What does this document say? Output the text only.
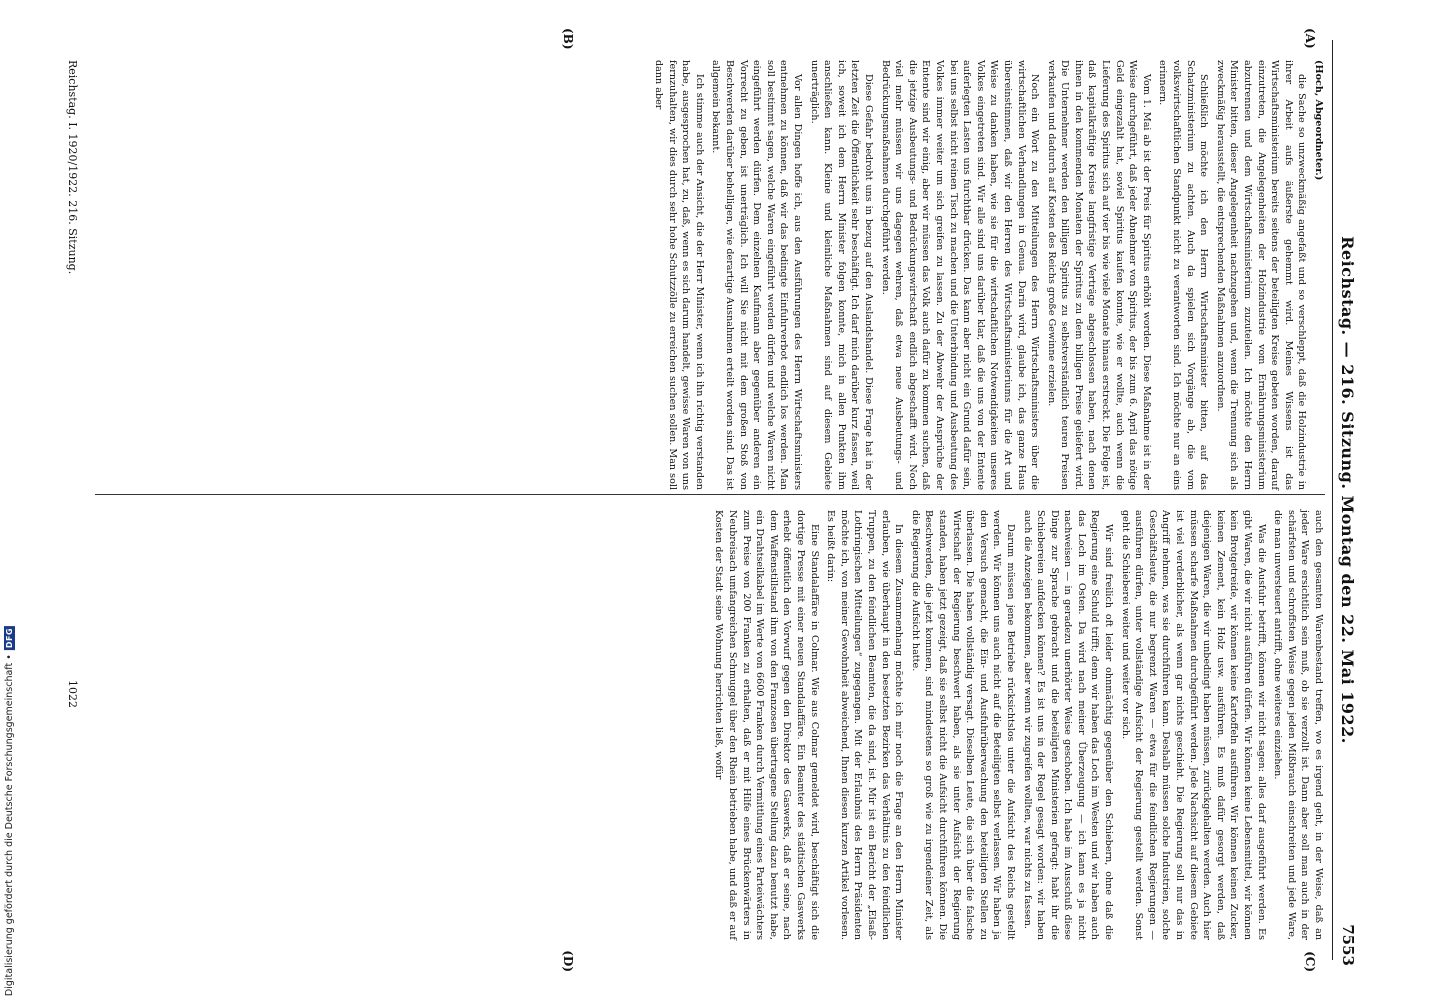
7553
Reichstag. — 216. Sitzung. Montag den 22. Mai 1922.
(A)
(B)
(C)
(D)

(Hoch, Abgeordneter.)

die Sache so unzweckmäßig angefaßt und so verschleppt, daß die Holzindustrie in ihrer Arbeit aufs äußerste gehemmt wird. Meines Wissens ist das Wirtschaftsministerium bereits seitens der beteiligten Kreise gebeten worden, darauf einzutreten, die Angelegenheiten der Holzindustrie vom Ernährungsministerium abzutrennen und dem Wirtschaftsministerium zuzuteilen. Ich möchte den Herrn Minister bitten, dieser Angelegenheit nachzugehen und, wenn die Trennung sich als zweckmäßig herausstellt, die entsprechenden Maßnahmen anzuordnen.

Schließlich möchte ich den Herrn Wirtschaftsminister bitten, auf das Schatzministerium zu achten. Auch da spielen sich Vorgänge ab, die vom volkswirtschaftlichen Standpunkt nicht zu verantworten sind. Ich möchte nur an eins erinnern.

Vom 1. Mai ab ist der Preis für Spiritus erhöht worden. Diese Maßnahme ist in der Weise durchgeführt, daß jeder Abnehmer von Spiritus, der bis zum 6. April das nötige Geld eingezahlt hat, soviel Spiritus kaufen konnte, wie er wollte, auch wenn die Lieferung des Spiritus sich auf vier bis wie viele Monate hinaus erstreckt. Die Folge ist, daß kapitalkräftige Kreise langfristige Verträge abgeschlossen haben, nach denen ihnen in den kommenden Monaten der Spiritus zu dem billigen Preise geliefert wird. Die Unternehmer werden den billigen Spiritus zu selbstverständlich teuren Preisen verkaufen und dadurch auf Kosten des Reichs große Gewinne erzielen.

Noch ein Wort zu den Mitteilungen des Herrn Wirtschaftsministers über die wirtschaftlichen Verhandlungen in Genua. Darin wird, glaube ich, das ganze Haus übereinstimmen, daß wir den Herren des Wirtschaftsministeriums für die Art und Weise zu danken haben, wie sie für die wirtschaftlichen Notwendigkeiten unseres Volkes eingetreten sind. Wir alle sind uns darüber klar, daß die uns von der Entente auferlegten Lasten uns furchtbar drücken. Das kann aber nicht ein Grund dafür sein, bei uns selbst nicht reinen Tisch zu machen und die Unterbindung und Ausbeutung des Volkes immer weiter um sich greifen zu lassen. Zu der Abwehr der Ansprüche der Entente sind wir einig, aber wir müssen das Volk auch dafür zu kommen suchen, daß die jetzige Ausbeutungs- und Bedrückungswirtschaft endlich abgeschafft wird. Noch viel mehr müssen wir uns dagegen wehren, daß etwa neue Ausbeutungs- und Bedrückungsmaßnahmen durchgeführt werden.

Diese Gefahr bedroht uns in bezug auf den Auslandshandel. Diese Frage hat in der letzten Zeit die Öffentlichkeit sehr beschäftigt. Ich darf mich darüber kurz fassen, weil ich, soweit ich dem Herrn Minister folgen konnte, mich in allen Punkten ihm anschließen kann. Kleine und kleinliche Maßnahmen sind auf diesem Gebiete unerträglich.

Vor allen Dingen hoffe ich, aus den Ausführungen des Herrn Wirtschaftsministers entnehmen zu können, daß wir das bedingte Einfuhrverbot endlich los werden. Man soll bestimmt sagen, welche Waren eingeführt werden dürfen und welche Waren nicht eingeführt werden dürfen. Dem einzelnen Kaufmann aber gegenüber anderen ein Vorrecht zu geben, ist unerträglich. Ich will Sie nicht mit dem großen Stoß von Beschwerden darüber behelligen, wie derartige Ausnahmen erteilt worden sind. Das ist allgemein bekannt.

Ich stimme auch der Ansicht, die der Herr Minister, wenn ich ihn richtig verstanden habe, ausgesprochen hat, zu, daß, wenn es sich darum handelt, gewisse Waren von uns fernzuhalten, wir dies durch sehr hohe Schutzzölle zu erreichen suchen sollen. Man soll dann aber

auch den gesamten Warenbestand treffen, wo es irgend geht, in der Weise, daß an jeder Ware ersichtlich sein muß, ob sie verzollt ist. Dann aber soll man auch in der schärfsten und schroffsten Weise gegen jeden Mißbrauch einschreiten und jede Ware, die man unversteuert antrifft, ohne weiteres einziehen.

Was die Ausfuhr betrifft, können wir nicht sagen: alles darf ausgeführt werden. Es gibt Waren, die wir nicht ausführen dürfen. Wir können keine Lebensmittel, wir können kein Brotgetreide, wir können keine Kartoffeln ausführen. Wir können keinen Zucker, keinen Zement, kein Holz usw. ausführen. Es muß dafür gesorgt werden, daß diejenigen Waren, die wir unbedingt haben müssen, zurückgehalten werden. Auch hier müssen scharfe Maßnahmen durchgeführt werden. Jede Nachsicht auf diesem Gebiete ist viel verderblicher, als wenn gar nichts geschieht. Die Regierung soll nur das in Angriff nehmen, was sie durchführen kann. Deshalb müssen solche Industrien, solche Geschäftsleute, die nur begrenzt Waren — etwa für die feindlichen Regierungen — ausführen dürfen, unter vollständige Aufsicht der Regierung gestellt werden. Sonst geht die Schieberei weiter und weiter vor sich.

Wir sind freilich oft leider ohnmächtig gegenüber den Schiebern, ohne daß die Regierung eine Schuld trifft; denn wir haben das Loch im Westen und wir haben auch das Loch im Osten. Da wird nach meiner Überzeugung — ich kann es ja nicht nachweisen — in geradezu unerhörter Weise geschoben. Ich habe im Ausschuß diese Dinge zur Sprache gebracht und die beteiligten Ministerien gefragt: habt ihr die Schiebereien aufdecken können? Es ist uns in der Regel gesagt worden: wir haben auch die Anzeigen bekommen, aber wenn wir zugreifen wollten, war nichts zu fassen.

Darum müssen jene Betriebe rücksichtslos unter die Aufsicht des Reichs gestellt werden. Wir können uns auch nicht auf die Beteiligten selbst verlassen. Wir haben ja den Versuch gemacht, die Ein- und Ausfuhrüberwachung den beteiligten Stellen zu überlassen. Die haben vollständig versagt. Dieselben Leute, die sich über die falsche Wirtschaft der Regierung beschwert haben, als sie unter Aufsicht der Regierung standen, haben jetzt gezeigt, daß sie selbst nicht die Aufsicht durchführen können. Die Beschwerden, die jetzt kommen, sind mindestens so groß wie zu irgendeiner Zeit, als die Regierung die Aufsicht hatte.

In diesem Zusammenhang möchte ich mir noch die Frage an den Herrn Minister erlauben, wie überhaupt in den besetzten Bezirken das Verhältnis zu den feindlichen Truppen, zu den feindlichen Beamten, die da sind, ist. Mir ist ein Bericht der „Elsaß-Lothringischen Mitteilungen“ zugegangen. Mit der Erlaubnis des Herrn Präsidenten möchte ich, von meiner Gewohnheit abweichend, Ihnen diesen kurzen Artikel vorlesen. Es heißt darin:

Eine Standalaffäre in Colmar. Wie aus Colmar gemeldet wird, beschäftigt sich die dortige Presse mit einer neuen Standalaffäre. Ein Beamter des städtischen Gaswerks erhebt öffentlich den Vorwurf gegen den Direktor des Gaswerks, daß er seine, nach dem Waffenstillstand ihm von den Franzosen übertragene Stellung dazu benutzt habe, ein Drahtseilkabel im Werte von 6600 Franken durch Vermittlung eines Parteiwächters zum Preise von 200 Franken zu erhalten, daß er mit Hilfe eines Brückenwärters in Neubreisach umfangreichen Schmuggel über den Rhein betrieben habe, und daß er auf Kosten der Stadt seine Wohnung herrichten ließ, wofür

Reichstag. I. 1920/1922. 216. Sitzung.
1022
Digitalisierung gefördert durch die Deutsche Forschungsgemeinschaft •
DFG
